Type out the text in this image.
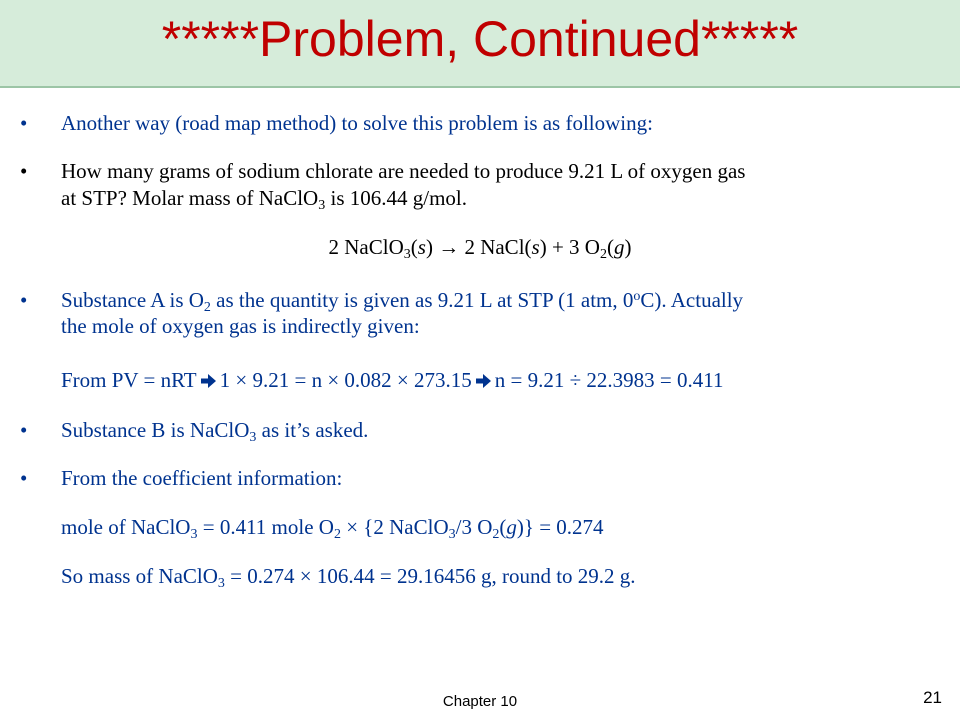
*****Problem, Continued*****
• Another way (road map method) to solve this problem is as following:
• How many grams of sodium chlorate are needed to produce 9.21 L of oxygen gas
at STP? Molar mass of NaClO$_3$ is 106.44 g/mol.
2 NaClO$_3$(s) → 2 NaCl(s) + 3 $O_2(g)$
• Substance A is $O_2$ as the quantity is given as 9.21 L at STP (1 atm, 0$^o$C). Actually
the mole of oxygen gas is indirectly given:
From PV = nRT 1 × 9.21 = n × 0.082 × 273.15 n = 9.21 ÷ 22.3983 = 0.411
• Substance B is NaClO$_3$ as it’s asked.
• From the coefficient information:
mole of NaClO$_3$ = 0.411 mole $O_2 \times \{2$ NaClO$_3$/3 $O_2(g)\} = 0.274$
So mass of NaClO$_3$ = 0.274 × 106.44 = 29.16456 g, round to 29.2 g.
Chapter 10	21
